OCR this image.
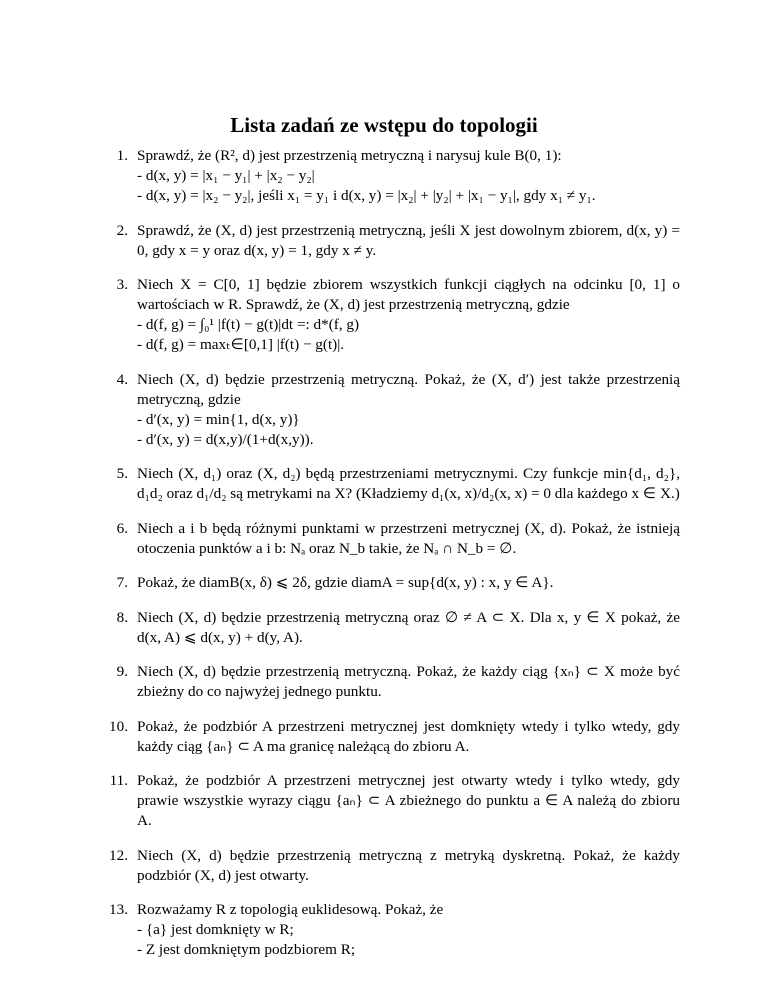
Lista zadań ze wstępu do topologii
1. Sprawdź, że (R², d) jest przestrzenią metryczną i narysuj kule B(0, 1):
- d(x, y) = |x₁ − y₁| + |x₂ − y₂|
- d(x, y) = |x₂ − y₂|, jeśli x₁ = y₁ i d(x, y) = |x₂| + |y₂| + |x₁ − y₁|, gdy x₁ ≠ y₁.
2. Sprawdź, że (X, d) jest przestrzenią metryczną, jeśli X jest dowolnym zbiorem, d(x, y) = 0, gdy x = y oraz d(x, y) = 1, gdy x ≠ y.
3. Niech X = C[0, 1] będzie zbiorem wszystkich funkcji ciągłych na odcinku [0, 1] o wartościach w R. Sprawdź, że (X, d) jest przestrzenią metryczną, gdzie
- d(f, g) = ∫₀¹ |f(t) − g(t)|dt =: d*(f, g)
- d(f, g) = maxₜ∈[0,1] |f(t) − g(t)|.
4. Niech (X, d) będzie przestrzenią metryczną. Pokaż, że (X, d′) jest także przestrzenią metryczną, gdzie
- d′(x, y) = min{1, d(x, y)}
- d′(x, y) = d(x,y)/(1+d(x,y)).
5. Niech (X, d₁) oraz (X, d₂) będą przestrzeniami metrycznymi. Czy funkcje min{d₁, d₂}, d₁d₂ oraz d₁/d₂ są metrykami na X? (Kładziemy d₁(x, x)/d₂(x, x) = 0 dla każdego x ∈ X.)
6. Niech a i b będą różnymi punktami w przestrzeni metrycznej (X, d). Pokaż, że istnieją otoczenia punktów a i b: Nₐ oraz N_b takie, że Nₐ ∩ N_b = ∅.
7. Pokaż, że diamB(x, δ) ⩽ 2δ, gdzie diamA = sup{d(x, y) : x, y ∈ A}.
8. Niech (X, d) będzie przestrzenią metryczną oraz ∅ ≠ A ⊂ X. Dla x, y ∈ X pokaż, że d(x, A) ⩽ d(x, y) + d(y, A).
9. Niech (X, d) będzie przestrzenią metryczną. Pokaż, że każdy ciąg {xₙ} ⊂ X może być zbieżny do co najwyżej jednego punktu.
10. Pokaż, że podzbiór A przestrzeni metrycznej jest domknięty wtedy i tylko wtedy, gdy każdy ciąg {aₙ} ⊂ A ma granicę należącą do zbioru A.
11. Pokaż, że podzbiór A przestrzeni metrycznej jest otwarty wtedy i tylko wtedy, gdy prawie wszystkie wyrazy ciągu {aₙ} ⊂ A zbieżnego do punktu a ∈ A należą do zbioru A.
12. Niech (X, d) będzie przestrzenią metryczną z metryką dyskretną. Pokaż, że każdy podzbiór (X, d) jest otwarty.
13. Rozważamy R z topologią euklidesową. Pokaż, że
- {a} jest domknięty w R;
- Z jest domkniętym podzbiorem R;
